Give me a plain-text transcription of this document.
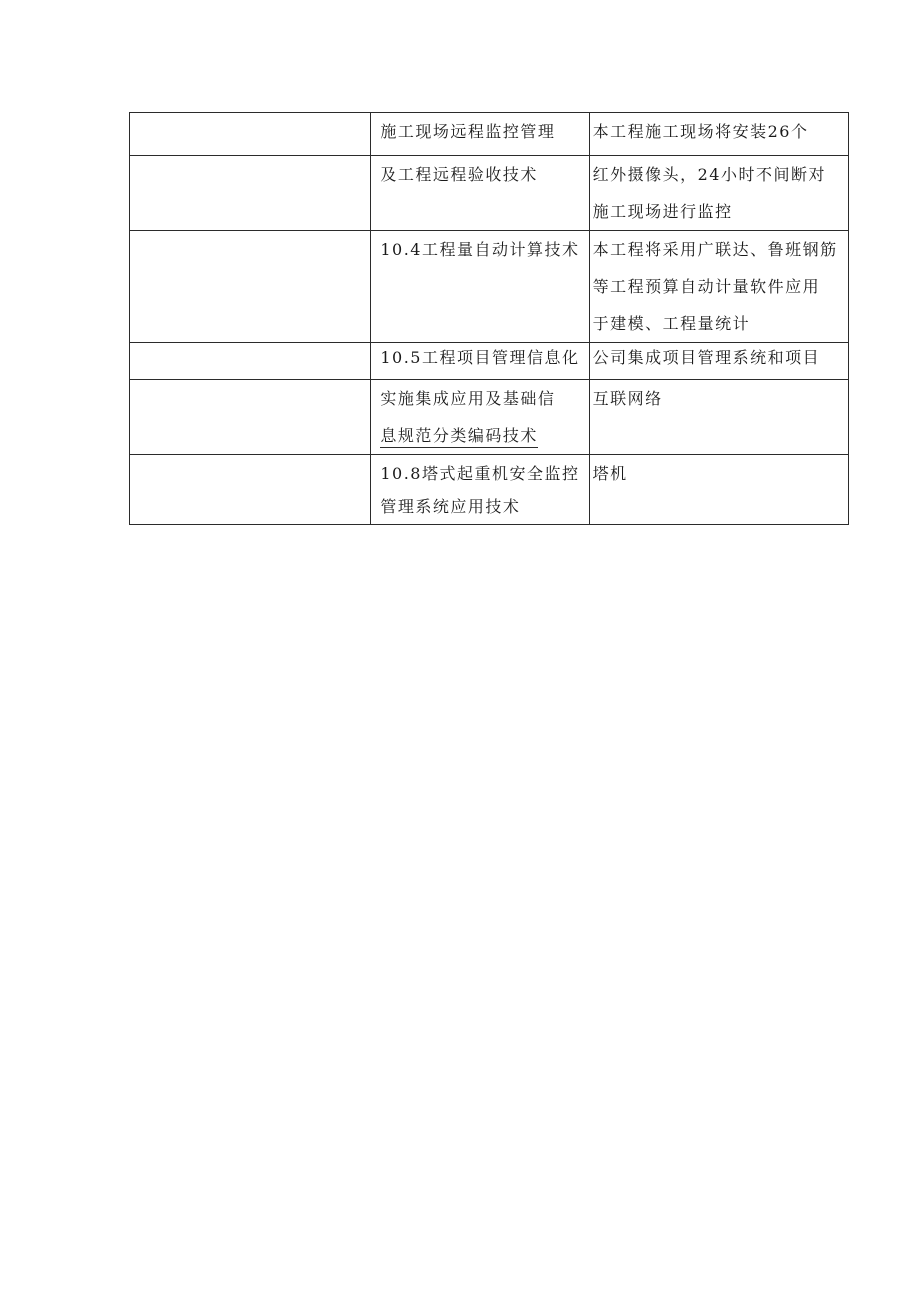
	施工现场远程监控管理	本工程施工现场将安装26个

	及工程远程验收技术	红外摄像头，24小时不间断对
施工现场进行监控

	10.4工程量自动计算技术	本工程将采用广联达、鲁班钢筋
等工程预算自动计量软件应用
于建模、工程量统计

	10.5工程项目管理信息化	公司集成项目管理系统和项目

	实施集成应用及基础信
息规范分类编码技术	互联网络

	10.8塔式起重机安全监控
管理系统应用技术	塔机
